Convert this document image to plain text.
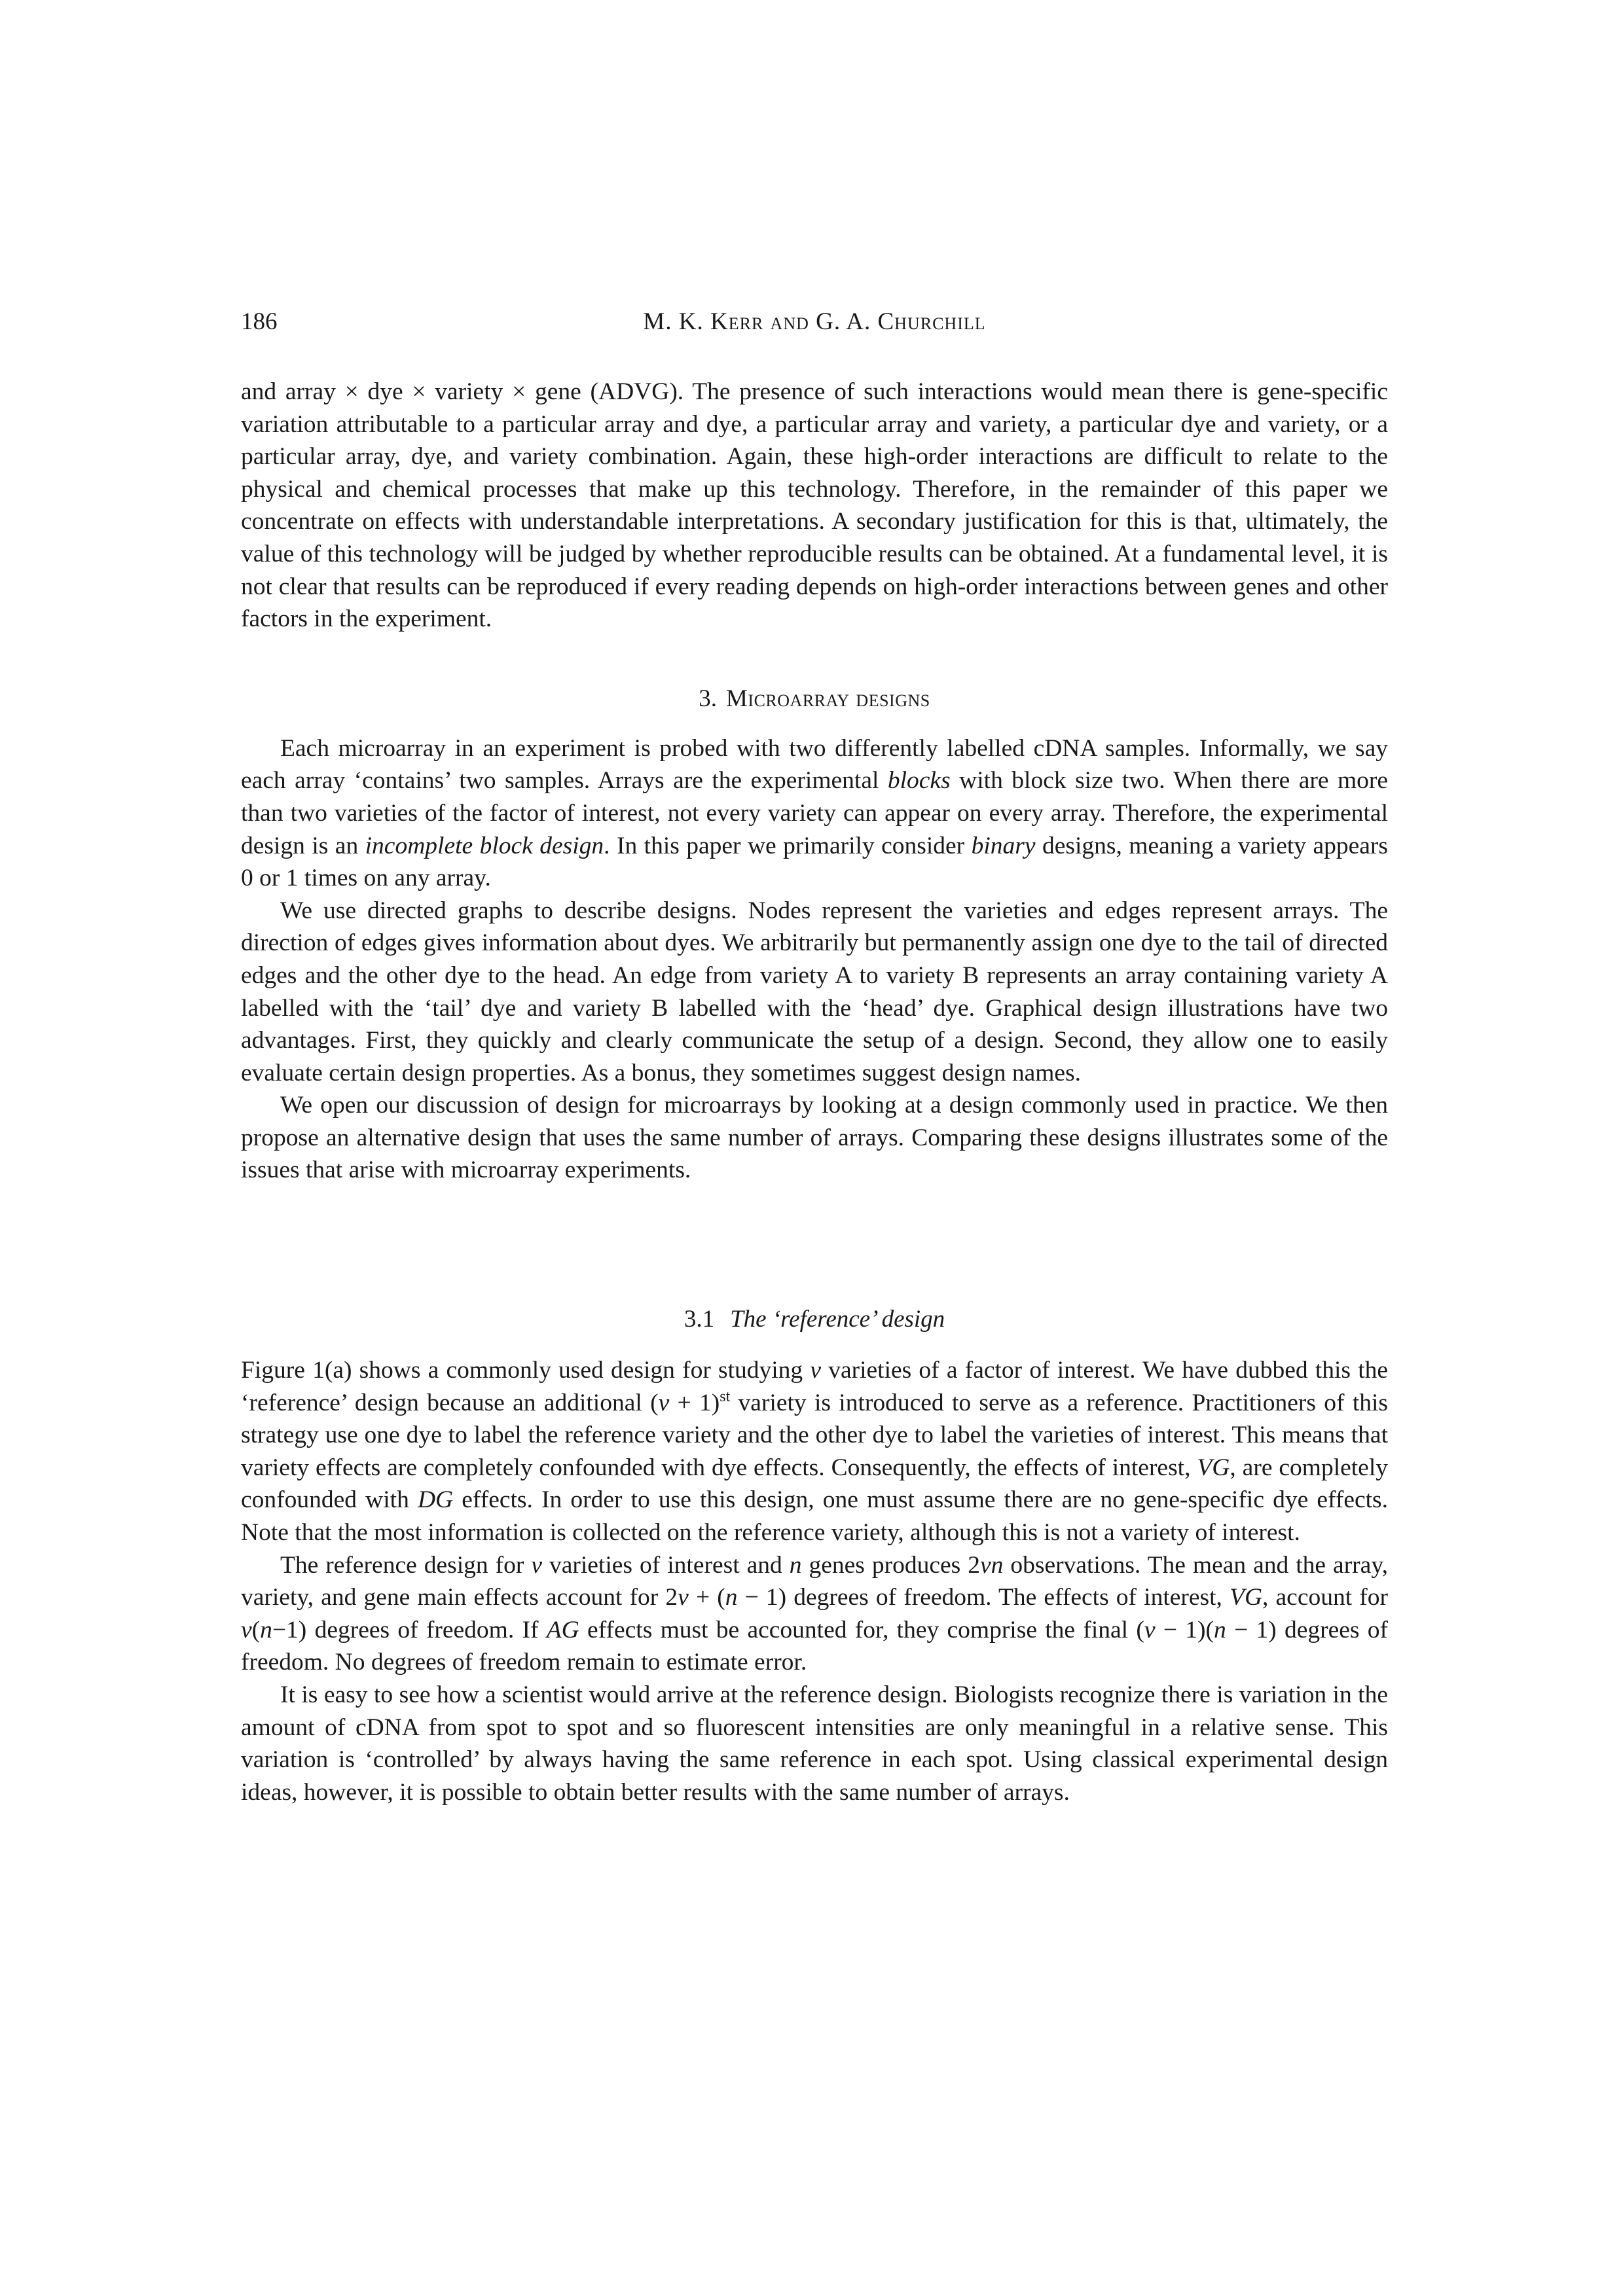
186	M. K. Kerr and G. A. Churchill

and array × dye × variety × gene (ADVG). The presence of such interactions would mean there is gene-specific variation attributable to a particular array and dye, a particular array and variety, a particular dye and variety, or a particular array, dye, and variety combination. Again, these high-order interactions are difficult to relate to the physical and chemical processes that make up this technology. Therefore, in the remainder of this paper we concentrate on effects with understandable interpretations. A secondary justification for this is that, ultimately, the value of this technology will be judged by whether reproducible results can be obtained. At a fundamental level, it is not clear that results can be reproduced if every reading depends on high-order interactions between genes and other factors in the experiment.

3. Microarray designs

Each microarray in an experiment is probed with two differently labelled cDNA samples. Informally, we say each array ‘contains’ two samples. Arrays are the experimental blocks with block size two. When there are more than two varieties of the factor of interest, not every variety can appear on every array. Therefore, the experimental design is an incomplete block design. In this paper we primarily consider binary designs, meaning a variety appears 0 or 1 times on any array.

We use directed graphs to describe designs. Nodes represent the varieties and edges represent arrays. The direction of edges gives information about dyes. We arbitrarily but permanently assign one dye to the tail of directed edges and the other dye to the head. An edge from variety A to variety B represents an array containing variety A labelled with the ‘tail’ dye and variety B labelled with the ‘head’ dye. Graphical design illustrations have two advantages. First, they quickly and clearly communicate the setup of a design. Second, they allow one to easily evaluate certain design properties. As a bonus, they sometimes suggest design names.

We open our discussion of design for microarrays by looking at a design commonly used in practice. We then propose an alternative design that uses the same number of arrays. Comparing these designs illustrates some of the issues that arise with microarray experiments.

3.1 The ‘reference’ design

Figure 1(a) shows a commonly used design for studying v varieties of a factor of interest. We have dubbed this the ‘reference’ design because an additional $(v + 1)^{st}$ variety is introduced to serve as a reference. Practitioners of this strategy use one dye to label the reference variety and the other dye to label the varieties of interest. This means that variety effects are completely confounded with dye effects. Consequently, the effects of interest, VG, are completely confounded with DG effects. In order to use this design, one must assume there are no gene-specific dye effects. Note that the most information is collected on the reference variety, although this is not a variety of interest.

The reference design for v varieties of interest and n genes produces 2vn observations. The mean and the array, variety, and gene main effects account for 2v + (n − 1) degrees of freedom. The effects of interest, VG, account for v(n−1) degrees of freedom. If AG effects must be accounted for, they comprise the final (v − 1)(n − 1) degrees of freedom. No degrees of freedom remain to estimate error.

It is easy to see how a scientist would arrive at the reference design. Biologists recognize there is variation in the amount of cDNA from spot to spot and so fluorescent intensities are only meaningful in a relative sense. This variation is ‘controlled’ by always having the same reference in each spot. Using classical experimental design ideas, however, it is possible to obtain better results with the same number of arrays.
